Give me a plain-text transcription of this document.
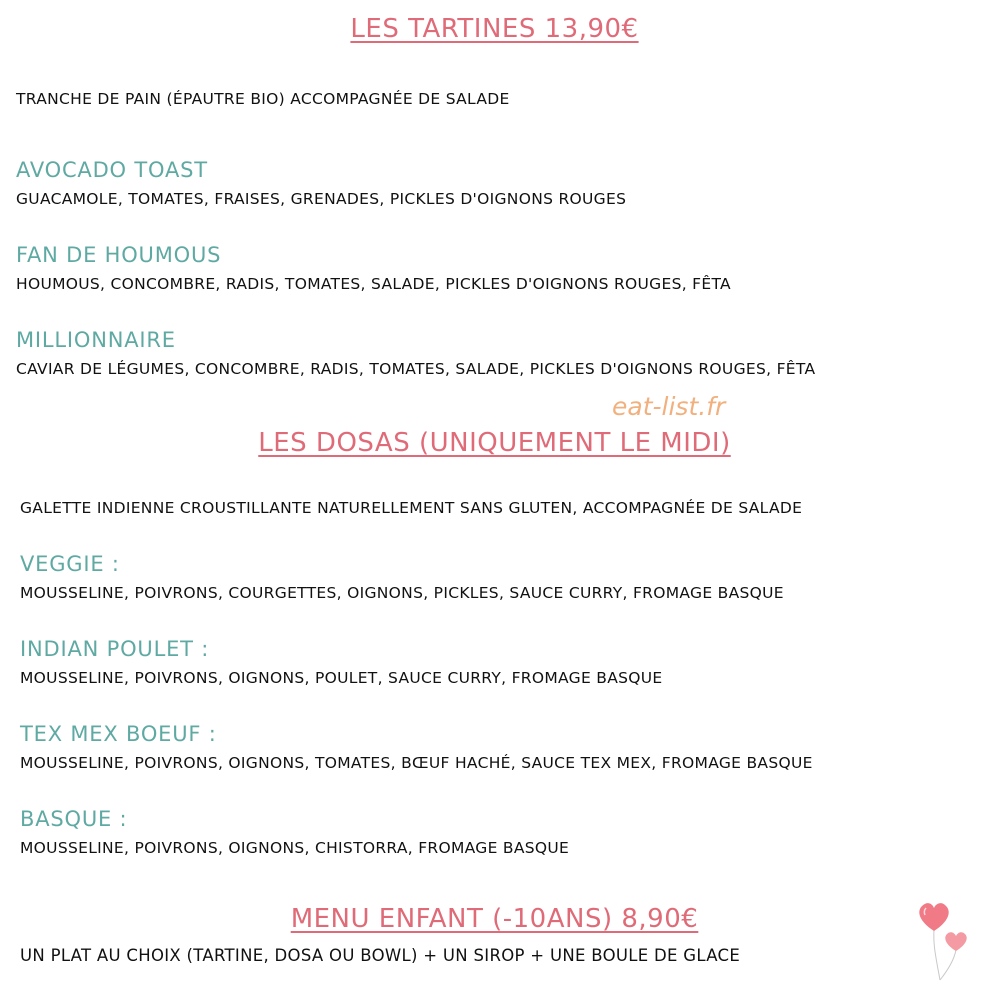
LES TARTINES 13,90€
TRANCHE DE PAIN (ÉPAUTRE BIO) ACCOMPAGNÉE DE SALADE
AVOCADO TOAST
GUACAMOLE, TOMATES, FRAISES, GRENADES, PICKLES D'OIGNONS ROUGES
FAN DE HOUMOUS
HOUMOUS, CONCOMBRE, RADIS, TOMATES, SALADE, PICKLES D'OIGNONS ROUGES, FÊTA
MILLIONNAIRE
CAVIAR DE LÉGUMES, CONCOMBRE, RADIS, TOMATES, SALADE, PICKLES D'OIGNONS ROUGES, FÊTA
eat-list.fr
LES DOSAS (UNIQUEMENT LE MIDI)
GALETTE INDIENNE CROUSTILLANTE NATURELLEMENT SANS GLUTEN, ACCOMPAGNÉE DE SALADE
VEGGIE :
MOUSSELINE, POIVRONS, COURGETTES, OIGNONS, PICKLES, SAUCE CURRY, FROMAGE BASQUE
INDIAN POULET :
MOUSSELINE, POIVRONS, OIGNONS, POULET, SAUCE CURRY, FROMAGE BASQUE
TEX MEX BOEUF :
MOUSSELINE, POIVRONS, OIGNONS, TOMATES, BŒUF HACHÉ, SAUCE TEX MEX, FROMAGE BASQUE
BASQUE :
MOUSSELINE, POIVRONS, OIGNONS, CHISTORRA, FROMAGE BASQUE
MENU ENFANT (-10ANS) 8,90€
UN PLAT AU CHOIX (TARTINE, DOSA OU BOWL) + UN SIROP + UNE BOULE DE GLACE
